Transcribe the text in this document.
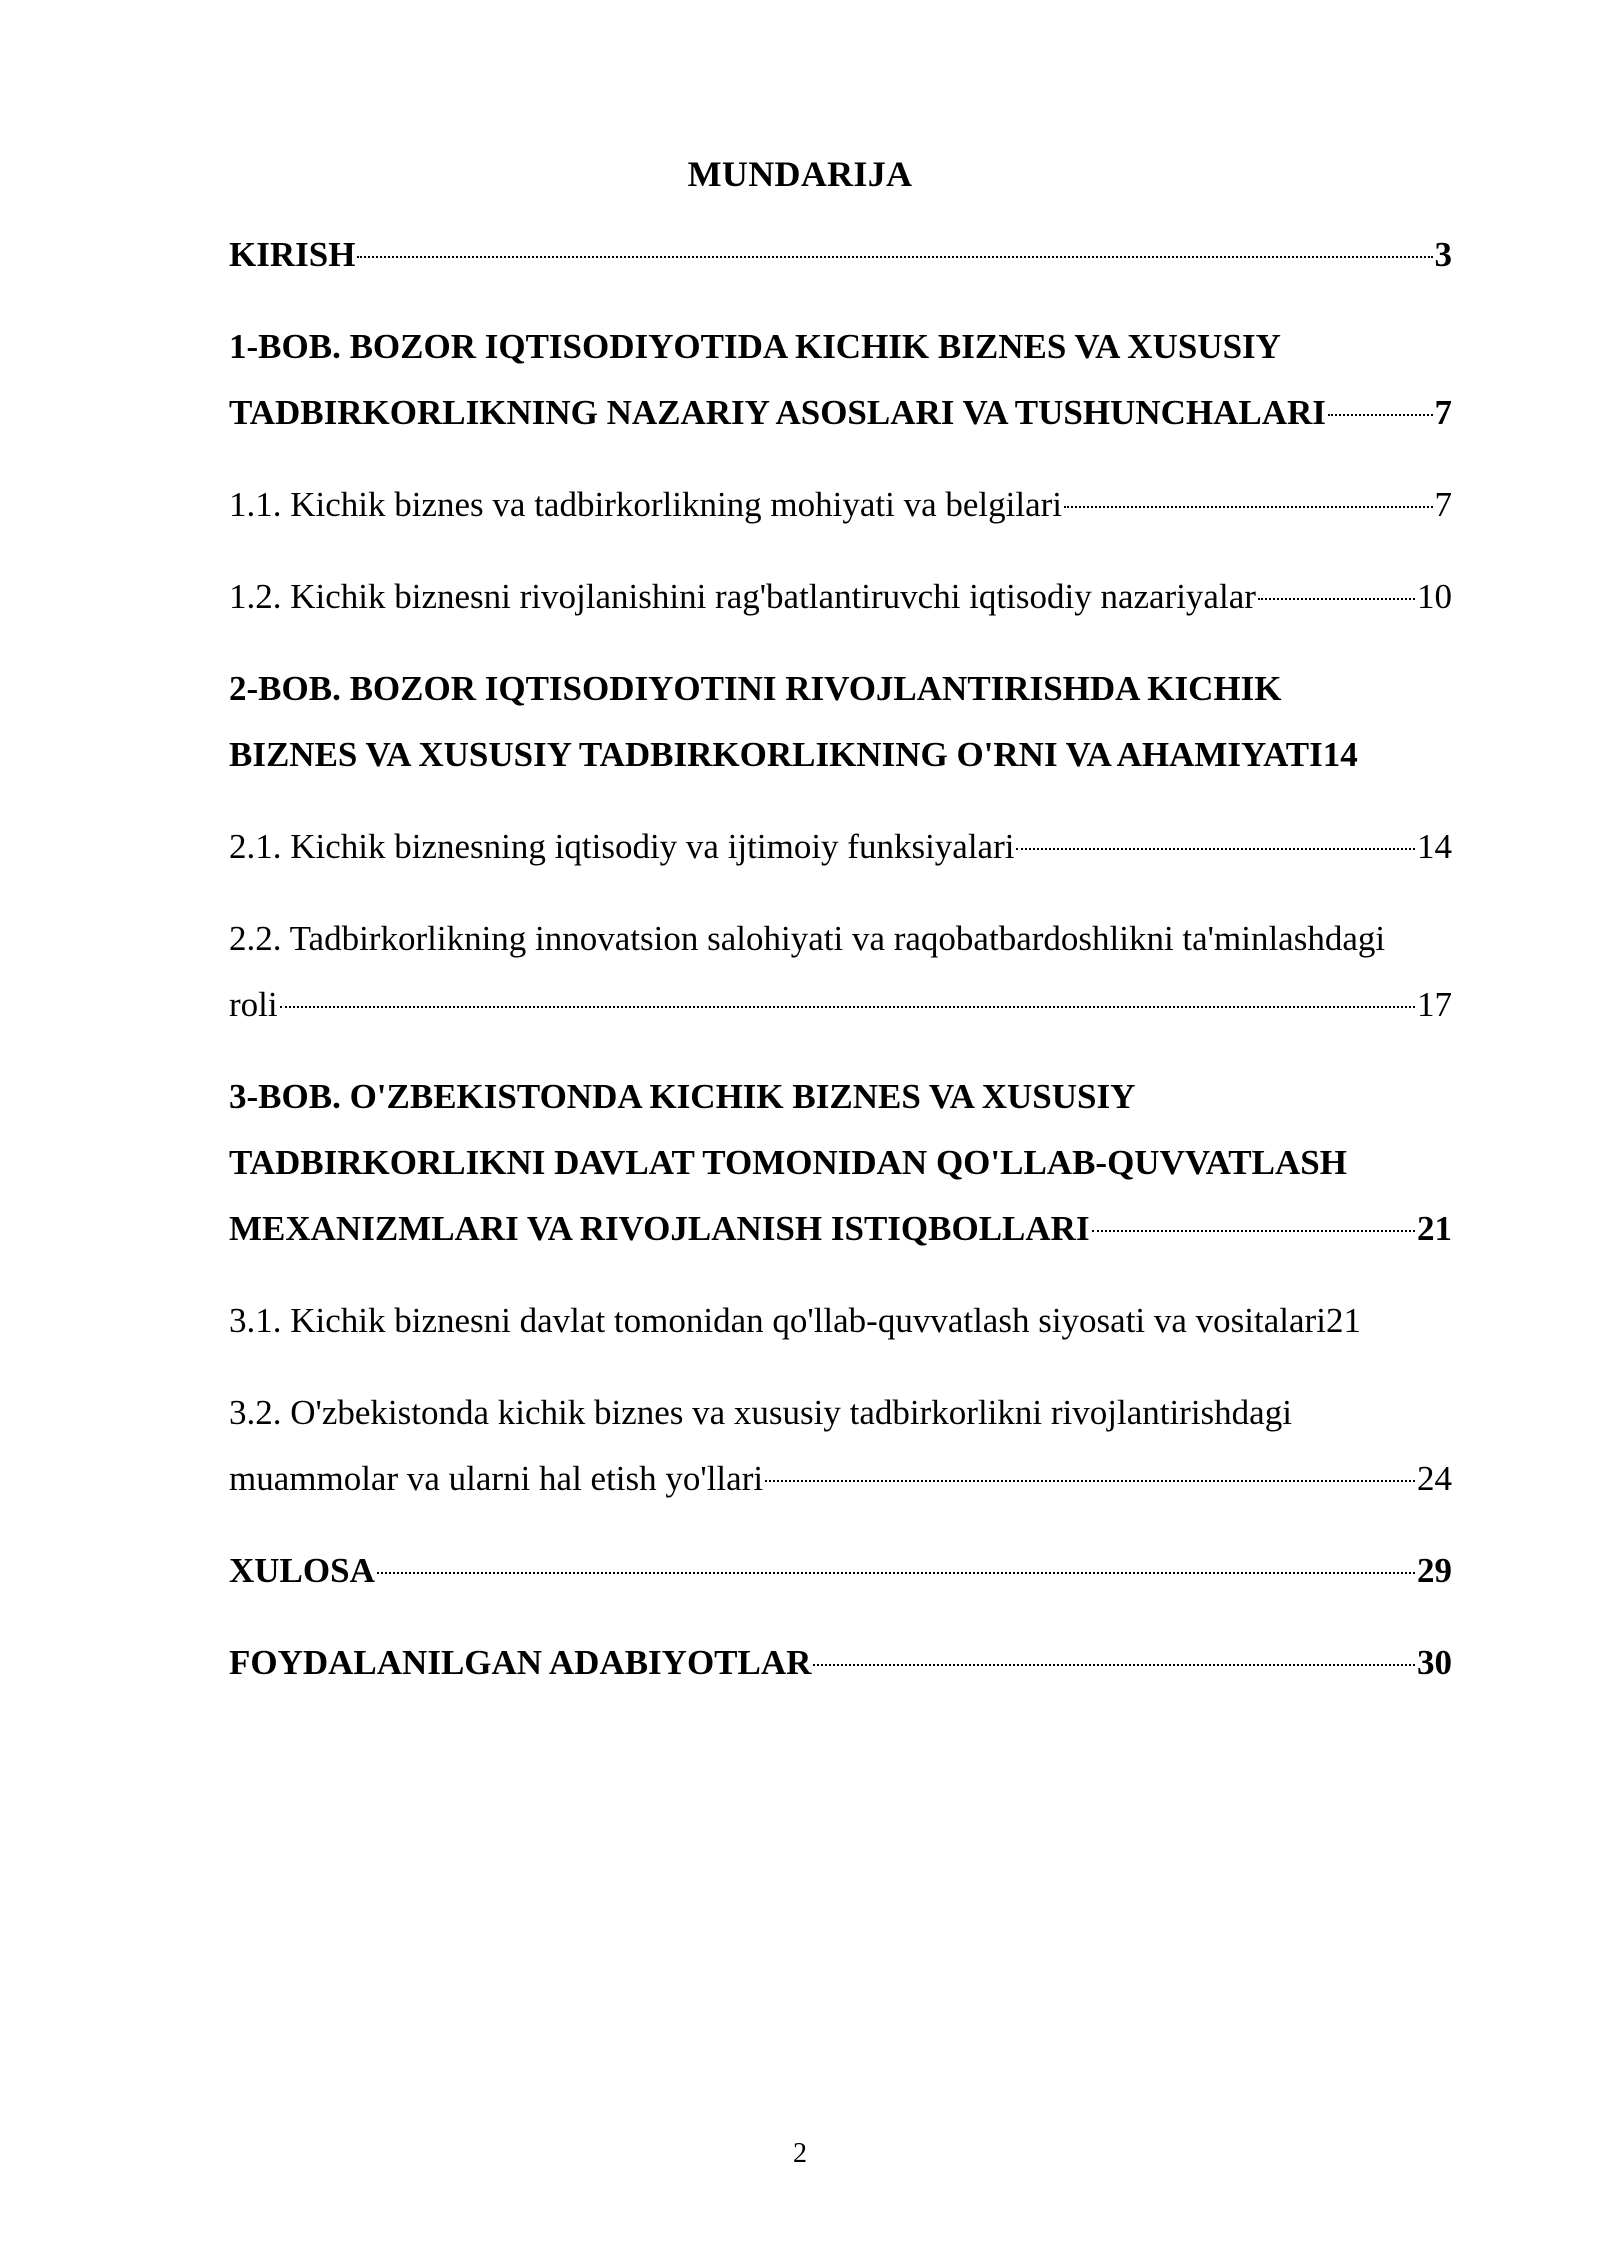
MUNDARIJA
KIRISH	3
1-BOB. BOZOR IQTISODIYOTIDA KICHIK BIZNES VA XUSUSIY
TADBIRKORLIKNING NAZARIY ASOSLARI VA TUSHUNCHALARI	7
1.1. Kichik biznes va tadbirkorlikning mohiyati va belgilari	7
1.2. Kichik biznesni rivojlanishini rag'batlantiruvchi iqtisodiy nazariyalar	10
2-BOB. BOZOR IQTISODIYOTINI RIVOJLANTIRISHDA KICHIK
BIZNES VA XUSUSIY TADBIRKORLIKNING O'RNI VA AHAMIYATI 14
2.1. Kichik biznesning iqtisodiy va ijtimoiy funksiyalari	14
2.2. Tadbirkorlikning innovatsion salohiyati va raqobatbardoshlikni ta'minlashdagi
roli	17
3-BOB. O'ZBEKISTONDA KICHIK BIZNES VA XUSUSIY
TADBIRKORLIKNI DAVLAT TOMONIDAN QO'LLAB-QUVVATLASH
MEXANIZMLARI VA RIVOJLANISH ISTIQBOLLARI	21
3.1. Kichik biznesni davlat tomonidan qo'llab-quvvatlash siyosati va vositalari 21
3.2. O'zbekistonda kichik biznes va xususiy tadbirkorlikni rivojlantirishdagi
muammolar va ularni hal etish yo'llari	24
XULOSA	29
FOYDALANILGAN ADABIYOTLAR	30
2
